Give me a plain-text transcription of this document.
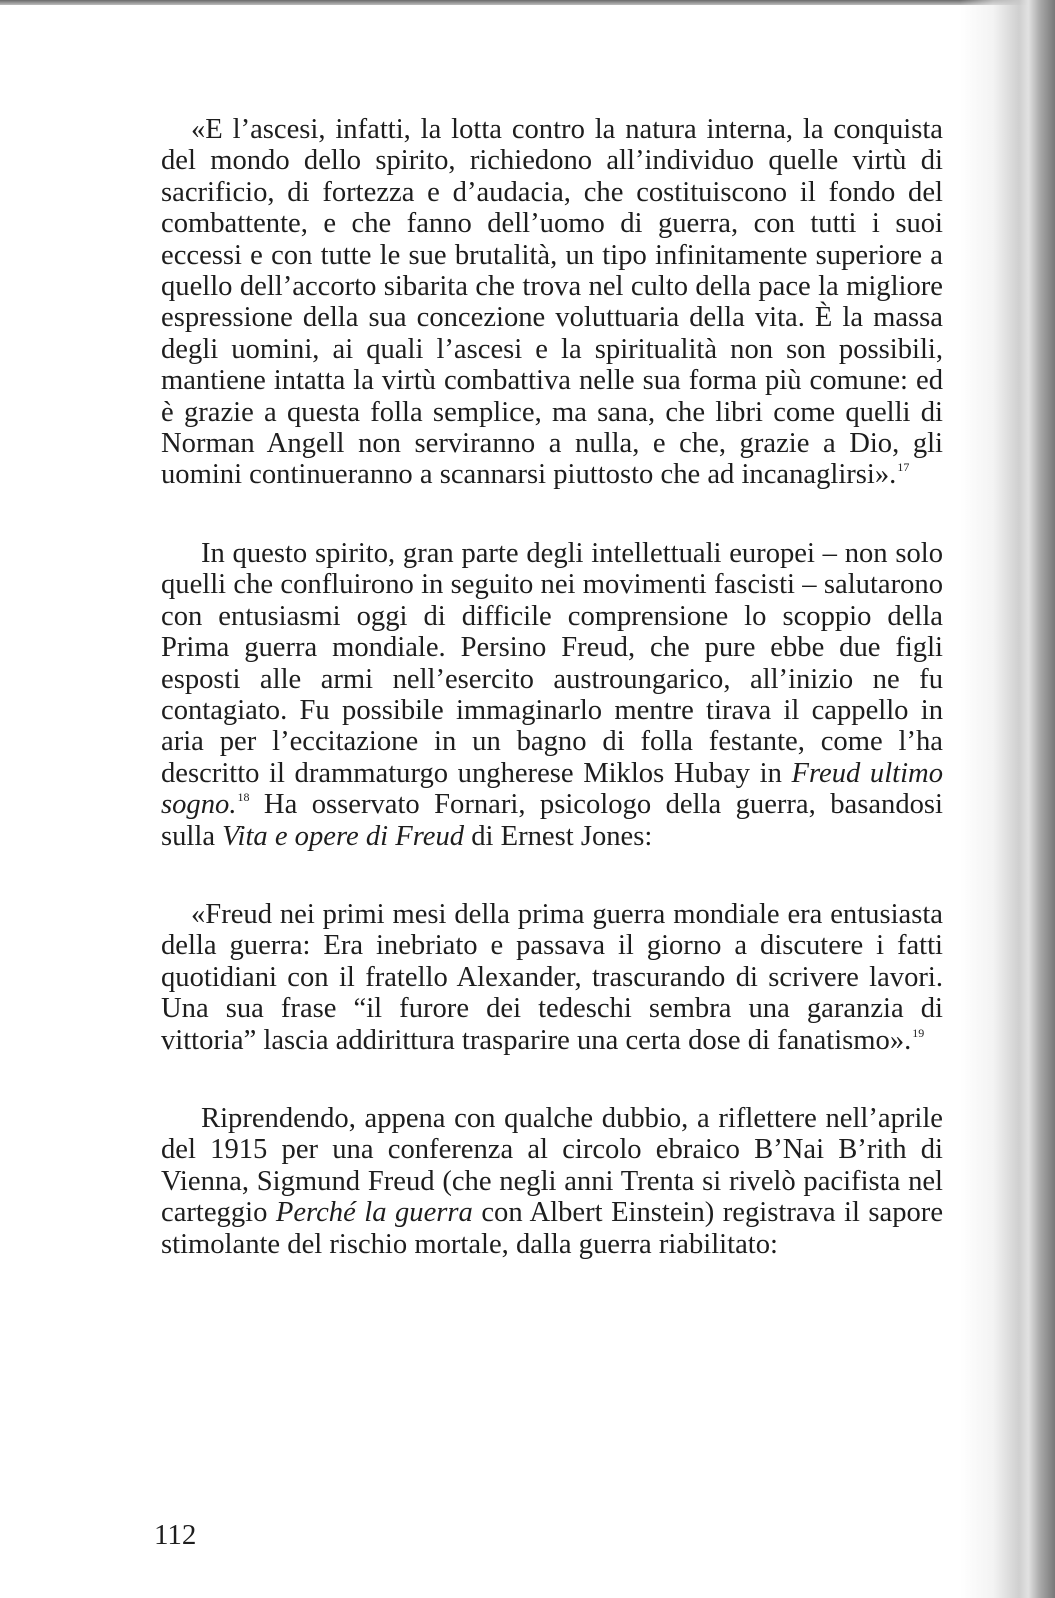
«E l’ascesi, infatti, la lotta contro la natura interna, la conquista del mondo dello spirito, richiedono all’individuo quelle virtù di sacrificio, di fortezza e d’audacia, che costituiscono il fondo del combattente, e che fanno dell’uomo di guerra, con tutti i suoi eccessi e con tutte le sue brutalità, un tipo infinitamente superiore a quello dell’accorto sibarita che trova nel culto della pace la migliore espressione della sua concezione voluttuaria della vita. È la massa degli uomini, ai quali l’ascesi e la spiritualità non son possibili, mantiene intatta la virtù combattiva nelle sua forma più comune: ed è grazie a questa folla semplice, ma sana, che libri come quelli di Norman Angell non serviranno a nulla, e che, grazie a Dio, gli uomini continueranno a scannarsi piuttosto che ad incanaglirsi».$^{17}$

In questo spirito, gran parte degli intellettuali europei – non solo quelli che confluirono in seguito nei movimenti fascisti – salutarono con entusiasmi oggi di difficile comprensione lo scoppio della Prima guerra mondiale. Persino Freud, che pure ebbe due figli esposti alle armi nell’esercito austroungarico, all’inizio ne fu contagiato. Fu possibile immaginarlo mentre tirava il cappello in aria per l’eccitazione in un bagno di folla festante, come l’ha descritto il drammaturgo ungherese Miklos Hubay in Freud ultimo sogno.$^{18}$ Ha osservato Fornari, psicologo della guerra, basandosi sulla Vita e opere di Freud di Ernest Jones:

«Freud nei primi mesi della prima guerra mondiale era entusiasta della guerra: Era inebriato e passava il giorno a discutere i fatti quotidiani con il fratello Alexander, trascurando di scrivere lavori. Una sua frase “il furore dei tedeschi sembra una garanzia di vittoria” lascia addirittura trasparire una certa dose di fanatismo».$^{19}$

Riprendendo, appena con qualche dubbio, a riflettere nell’aprile del 1915 per una conferenza al circolo ebraico B’Nai B’rith di Vienna, Sigmund Freud (che negli anni Trenta si rivelò pacifista nel carteggio Perché la guerra con Albert Einstein) registrava il sapore stimolante del rischio mortale, dalla guerra riabilitato:

112
